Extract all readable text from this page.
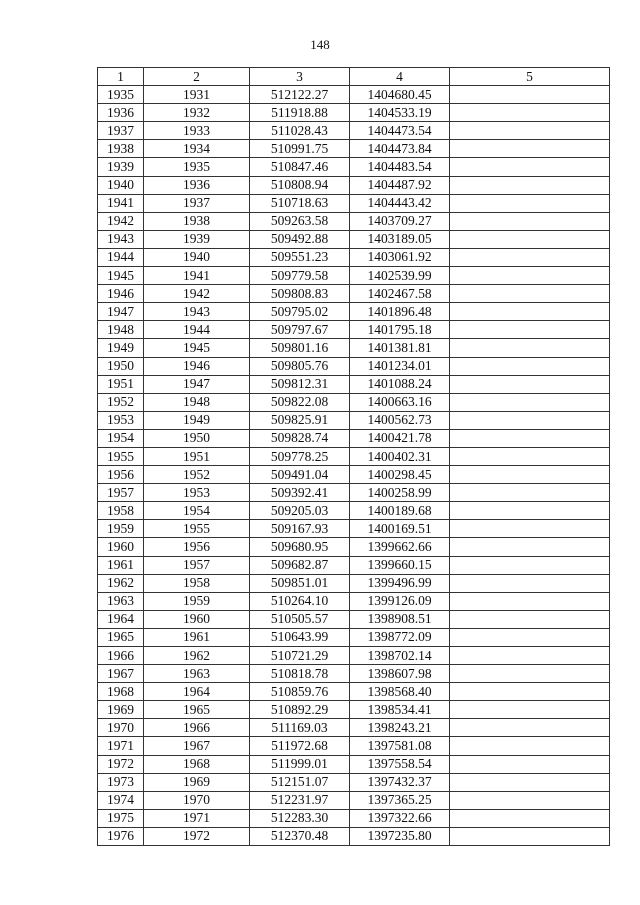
148
1	2	3	4	5
1935	1931	512122.27	1404680.45	
1936	1932	511918.88	1404533.19	
1937	1933	511028.43	1404473.54	
1938	1934	510991.75	1404473.84	
1939	1935	510847.46	1404483.54	
1940	1936	510808.94	1404487.92	
1941	1937	510718.63	1404443.42	
1942	1938	509263.58	1403709.27	
1943	1939	509492.88	1403189.05	
1944	1940	509551.23	1403061.92	
1945	1941	509779.58	1402539.99	
1946	1942	509808.83	1402467.58	
1947	1943	509795.02	1401896.48	
1948	1944	509797.67	1401795.18	
1949	1945	509801.16	1401381.81	
1950	1946	509805.76	1401234.01	
1951	1947	509812.31	1401088.24	
1952	1948	509822.08	1400663.16	
1953	1949	509825.91	1400562.73	
1954	1950	509828.74	1400421.78	
1955	1951	509778.25	1400402.31	
1956	1952	509491.04	1400298.45	
1957	1953	509392.41	1400258.99	
1958	1954	509205.03	1400189.68	
1959	1955	509167.93	1400169.51	
1960	1956	509680.95	1399662.66	
1961	1957	509682.87	1399660.15	
1962	1958	509851.01	1399496.99	
1963	1959	510264.10	1399126.09	
1964	1960	510505.57	1398908.51	
1965	1961	510643.99	1398772.09	
1966	1962	510721.29	1398702.14	
1967	1963	510818.78	1398607.98	
1968	1964	510859.76	1398568.40	
1969	1965	510892.29	1398534.41	
1970	1966	511169.03	1398243.21	
1971	1967	511972.68	1397581.08	
1972	1968	511999.01	1397558.54	
1973	1969	512151.07	1397432.37	
1974	1970	512231.97	1397365.25	
1975	1971	512283.30	1397322.66	
1976	1972	512370.48	1397235.80	
